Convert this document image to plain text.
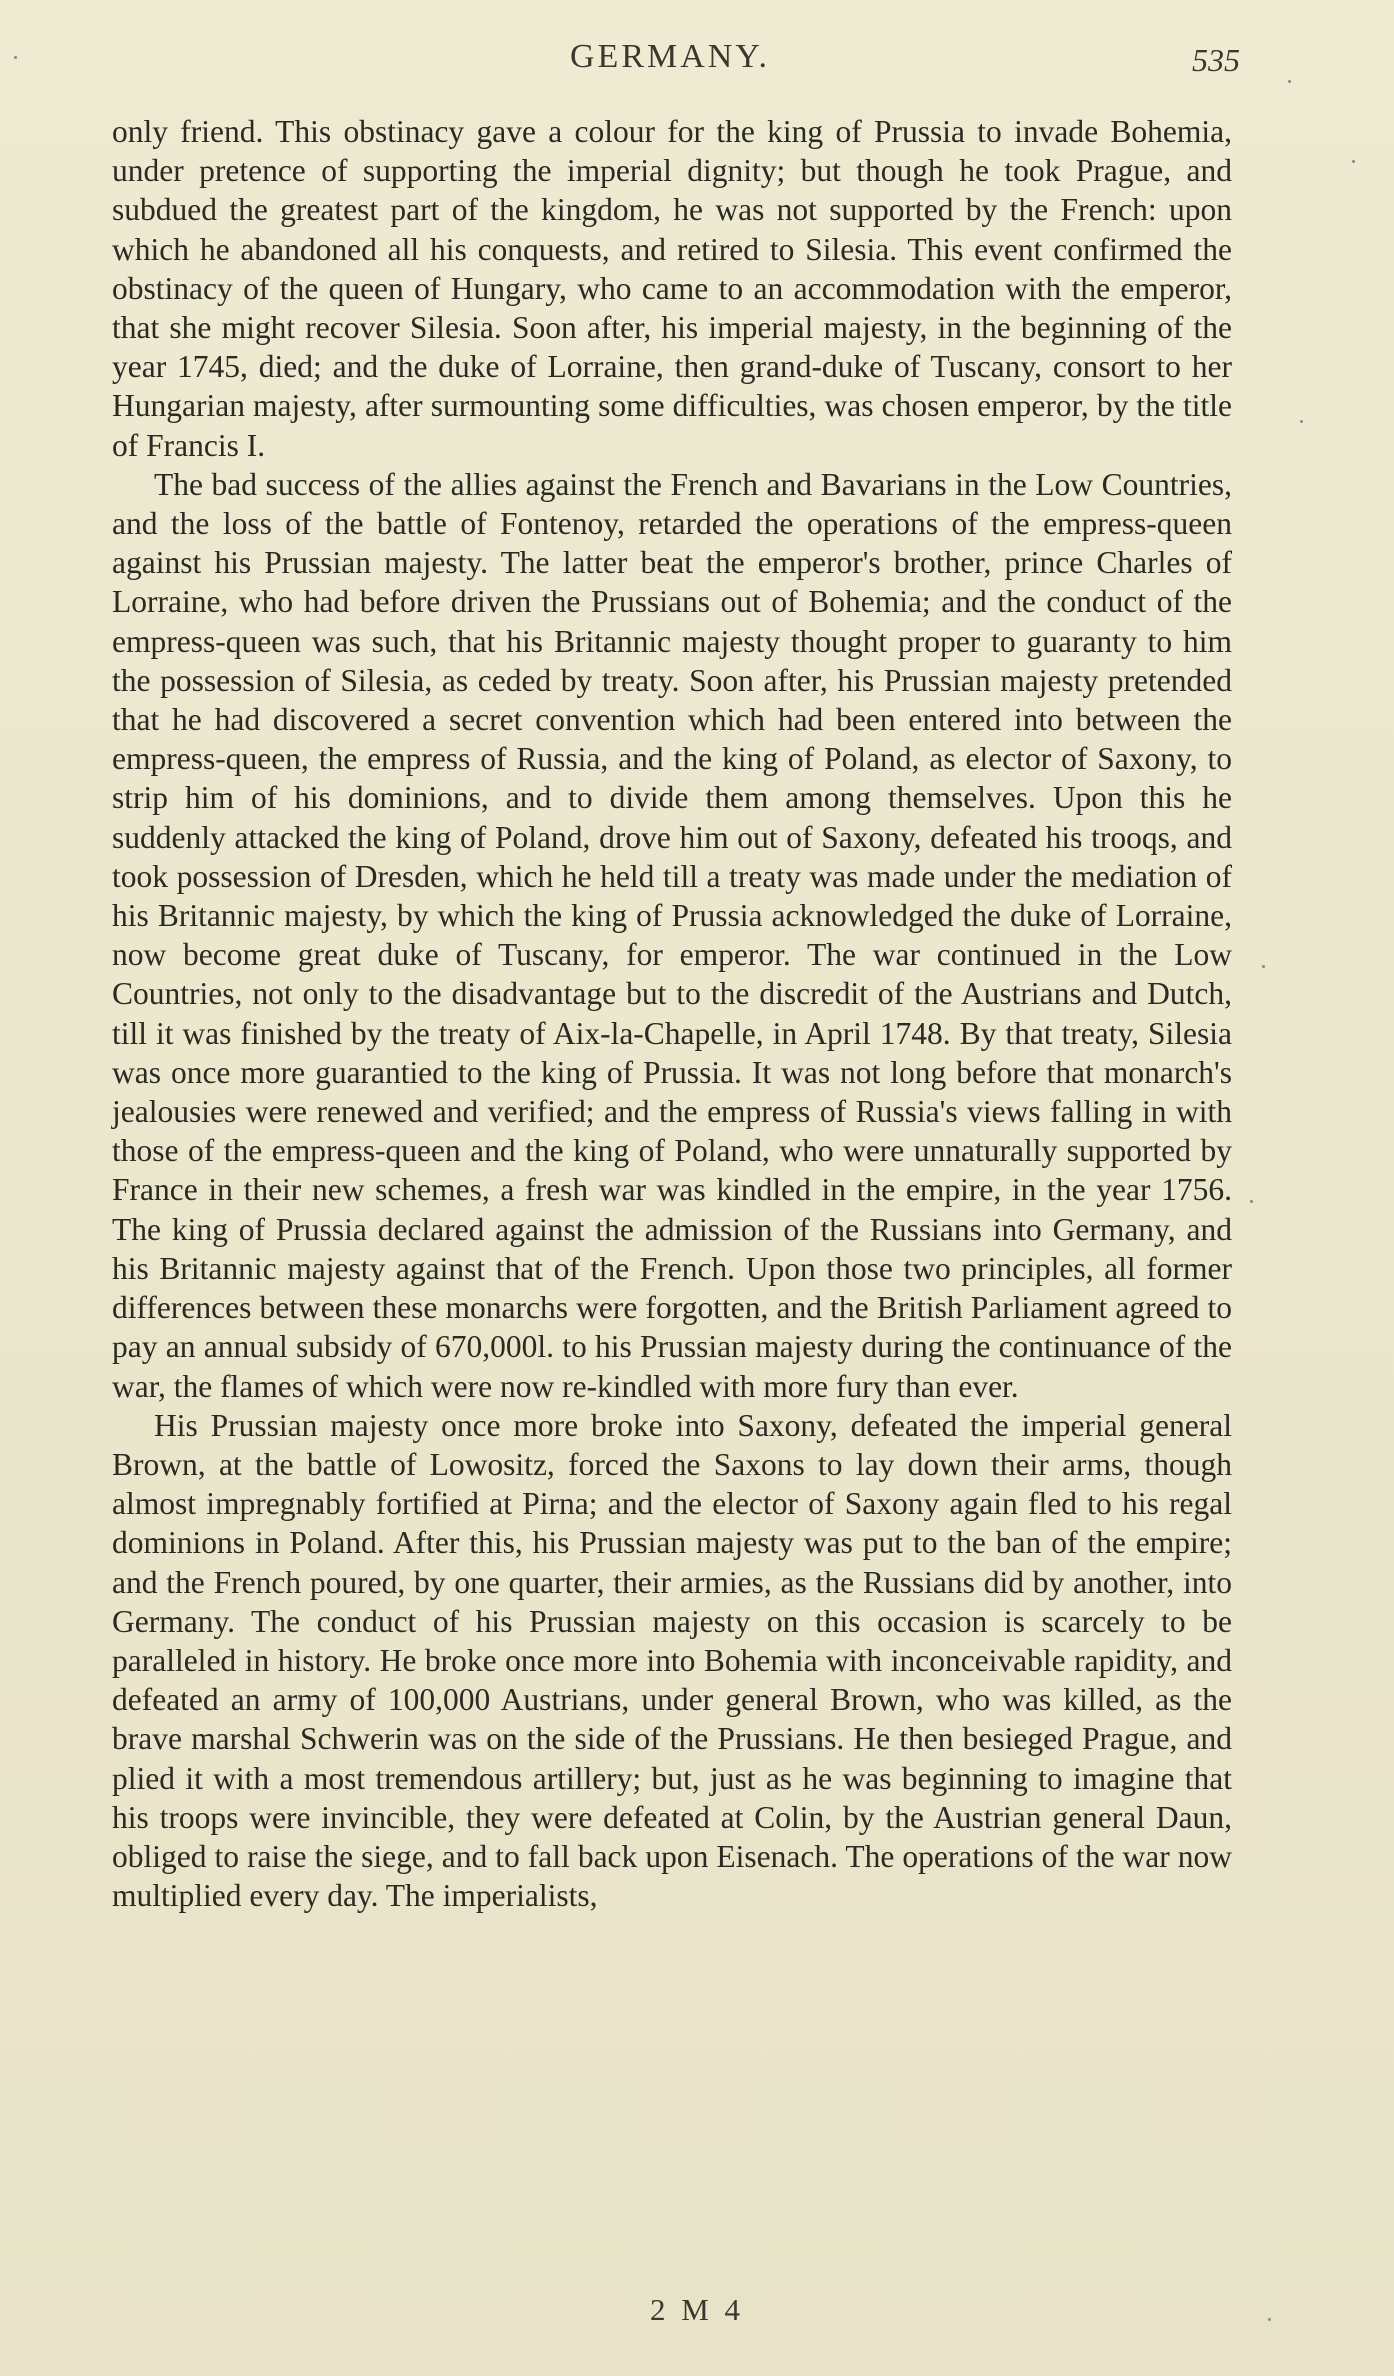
GERMANY.	535

only friend. This obstinacy gave a colour for the king of Prussia to invade Bohemia, under pretence of supporting the imperial dignity; but though he took Prague, and subdued the greatest part of the kingdom, he was not supported by the French: upon which he abandoned all his conquests, and retired to Silesia. This event confirmed the obstinacy of the queen of Hungary, who came to an accommodation with the emperor, that she might recover Silesia. Soon after, his imperial majesty, in the beginning of the year 1745, died; and the duke of Lorraine, then grand-duke of Tuscany, consort to her Hungarian majesty, after surmounting some difficulties, was chosen emperor, by the title of Francis I.

The bad success of the allies against the French and Bavarians in the Low Countries, and the loss of the battle of Fontenoy, retarded the operations of the empress-queen against his Prussian majesty. The latter beat the emperor's brother, prince Charles of Lorraine, who had before driven the Prussians out of Bohemia; and the conduct of the empress-queen was such, that his Britannic majesty thought proper to guaranty to him the possession of Silesia, as ceded by treaty. Soon after, his Prussian majesty pretended that he had discovered a secret convention which had been entered into between the empress-queen, the empress of Russia, and the king of Poland, as elector of Saxony, to strip him of his dominions, and to divide them among themselves. Upon this he suddenly attacked the king of Poland, drove him out of Saxony, defeated his trooqs, and took possession of Dresden, which he held till a treaty was made under the mediation of his Britannic majesty, by which the king of Prussia acknowledged the duke of Lorraine, now become great duke of Tuscany, for emperor. The war continued in the Low Countries, not only to the disadvantage but to the discredit of the Austrians and Dutch, till it was finished by the treaty of Aix-la-Chapelle, in April 1748. By that treaty, Silesia was once more guarantied to the king of Prussia. It was not long before that monarch's jealousies were renewed and verified; and the empress of Russia's views falling in with those of the empress-queen and the king of Poland, who were unnaturally supported by France in their new schemes, a fresh war was kindled in the empire, in the year 1756. The king of Prussia declared against the admission of the Russians into Germany, and his Britannic majesty against that of the French. Upon those two principles, all former differences between these monarchs were forgotten, and the British Parliament agreed to pay an annual subsidy of 670,000l. to his Prussian majesty during the continuance of the war, the flames of which were now re-kindled with more fury than ever.

His Prussian majesty once more broke into Saxony, defeated the imperial general Brown, at the battle of Lowositz, forced the Saxons to lay down their arms, though almost impregnably fortified at Pirna; and the elector of Saxony again fled to his regal dominions in Poland. After this, his Prussian majesty was put to the ban of the empire; and the French poured, by one quarter, their armies, as the Russians did by another, into Germany. The conduct of his Prussian majesty on this occasion is scarcely to be paralleled in history. He broke once more into Bohemia with inconceivable rapidity, and defeated an army of 100,000 Austrians, under general Brown, who was killed, as the brave marshal Schwerin was on the side of the Prussians. He then besieged Prague, and plied it with a most tremendous artillery; but, just as he was beginning to imagine that his troops were invincible, they were defeated at Colin, by the Austrian general Daun, obliged to raise the siege, and to fall back upon Eisenach. The operations of the war now multiplied every day. The imperialists,

2 M 4
